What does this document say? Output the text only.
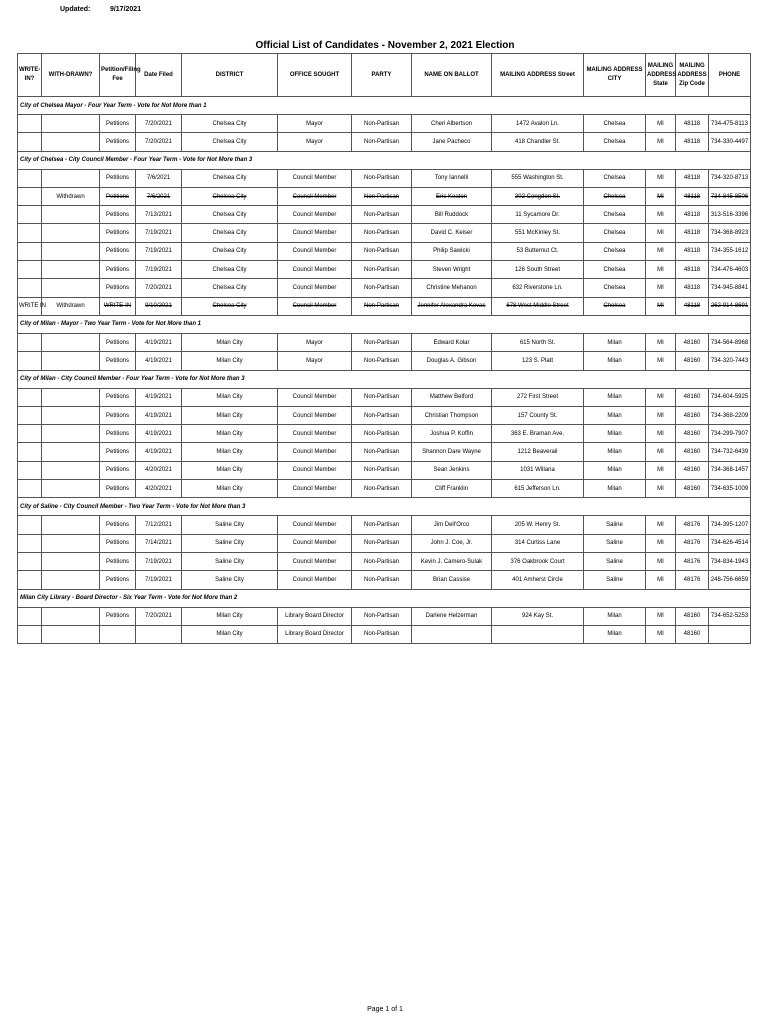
Updated:	9/17/2021
Official List of Candidates - November 2, 2021 Election
WRITE-IN?	WITH-DRAWN?	Petition/Filing Fee	Date Filed	DISTRICT	OFFICE SOUGHT	PARTY	NAME ON BALLOT	MAILING ADDRESS Street	MAILING ADDRESS CITY	MAILING ADDRESS State	MAILING ADDRESS Zip Code	PHONE
City of Chelsea Mayor - Four Year Term - Vote for Not More than 1												
		Petitions	7/20/2021	Chelsea City	Mayor	Non-Partisan	Cheri Albertson	1472 Avalon Ln.	Chelsea	MI	48118	734-475-8113
		Petitions	7/20/2021	Chelsea City	Mayor	Non-Partisan	Jane Pacheco	418 Chandler St.	Chelsea	MI	48118	734-330-4497
City of Chelsea - City Council Member - Four Year Term - Vote for Not More than 3												
		Petitions	7/6/2021	Chelsea City	Council Member	Non-Partisan	Tony Iannelli	555 Washington St.	Chelsea	MI	48118	734-320-8713
	Withdrawn	Petitions	7/6/2021	Chelsea City	Council Member	Non-Partisan	Eric Keaton	302 Congdon St.	Chelsea	MI	48118	734-845-8506
		Petitions	7/13/2021	Chelsea City	Council Member	Non-Partisan	Bill Ruddock	11 Sycamore Dr.	Chelsea	MI	48118	313-516-3396
		Petitions	7/19/2021	Chelsea City	Council Member	Non-Partisan	David C. Keiser	551 McKinley St.	Chelsea	MI	48118	734-368-8923
		Petitions	7/19/2021	Chelsea City	Council Member	Non-Partisan	Philip Sawicki	53 Butternut Ct.	Chelsea	MI	48118	734-355-1612
		Petitions	7/19/2021	Chelsea City	Council Member	Non-Partisan	Steven Wright	126 South Street	Chelsea	MI	48118	734-476-4603
		Petitions	7/20/2021	Chelsea City	Council Member	Non-Partisan	Christine Mehanon	632 Riverstone Ln.	Chelsea	MI	48118	734-945-8841
WRITE IN	Withdrawn	WRITE-IN	9/10/2021	Chelsea City	Council Member	Non-Partisan	Jennifer Alexandra Kevas	678 West Middle Street	Chelsea	MI	48118	262-914-8691
City of Milan - Mayor - Two Year Term - Vote for Not More than 1												
		Petitions	4/19/2021	Milan City	Mayor	Non-Partisan	Edward Kolar	615 North St.	Milan	MI	48160	734-564-8968
		Petitions	4/19/2021	Milan City	Mayor	Non-Partisan	Douglas A. Gibson	123 S. Platt	Milan	MI	48160	734-320-7443
City of Milan - City Council Member - Four Year Term - Vote for Not More than 3												
		Petitions	4/19/2021	Milan City	Council Member	Non-Partisan	Matthew Belford	272 First Street	Milan	MI	48160	734-604-5925
		Petitions	4/19/2021	Milan City	Council Member	Non-Partisan	Christian Thompson	157 County St.	Milan	MI	48160	734-368-2209
		Petitions	4/19/2021	Milan City	Council Member	Non-Partisan	Joshua P. Koffin	363 E. Braman Ave.	Milan	MI	48160	734-299-7907
		Petitions	4/19/2021	Milan City	Council Member	Non-Partisan	Shannon Dare Wayne	1212 Beaverail	Milan	MI	48160	734-732-6439
		Petitions	4/20/2021	Milan City	Council Member	Non-Partisan	Sean Jenkins	1031 Willana	Milan	MI	48160	734-368-1457
		Petitions	4/20/2021	Milan City	Council Member	Non-Partisan	Cliff Franklin	615 Jefferson Ln.	Milan	MI	48160	734-635-1009
City of Saline - City Council Member - Two Year Term - Vote for Not More than 3												
		Petitions	7/12/2021	Saline City	Council Member	Non-Partisan	Jim Dell'Orco	205 W. Henry St.	Saline	MI	48176	734-395-1207
		Petitions	7/14/2021	Saline City	Council Member	Non-Partisan	John J. Coe, Jr.	314 Curtiss Lane	Saline	MI	48176	734-626-4514
		Petitions	7/19/2021	Saline City	Council Member	Non-Partisan	Kevin J. Camero-Sulak	376 Oakbrook Court	Saline	MI	48176	734-834-1943
		Petitions	7/19/2021	Saline City	Council Member	Non-Partisan	Brian Cassise	401 Amherst Circle	Saline	MI	48176	248-756-6659
Milan City Library - Board Director - Six Year Term - Vote for Not More than 2												
		Petitions	7/20/2021	Milan City	Library Board Director	Non-Partisan	Darlene Helzerman	924 Kay St.	Milan	MI	48160	734-652-5253
				Milan City	Library Board Director	Non-Partisan			Milan	MI	48160	
Page 1 of 1
